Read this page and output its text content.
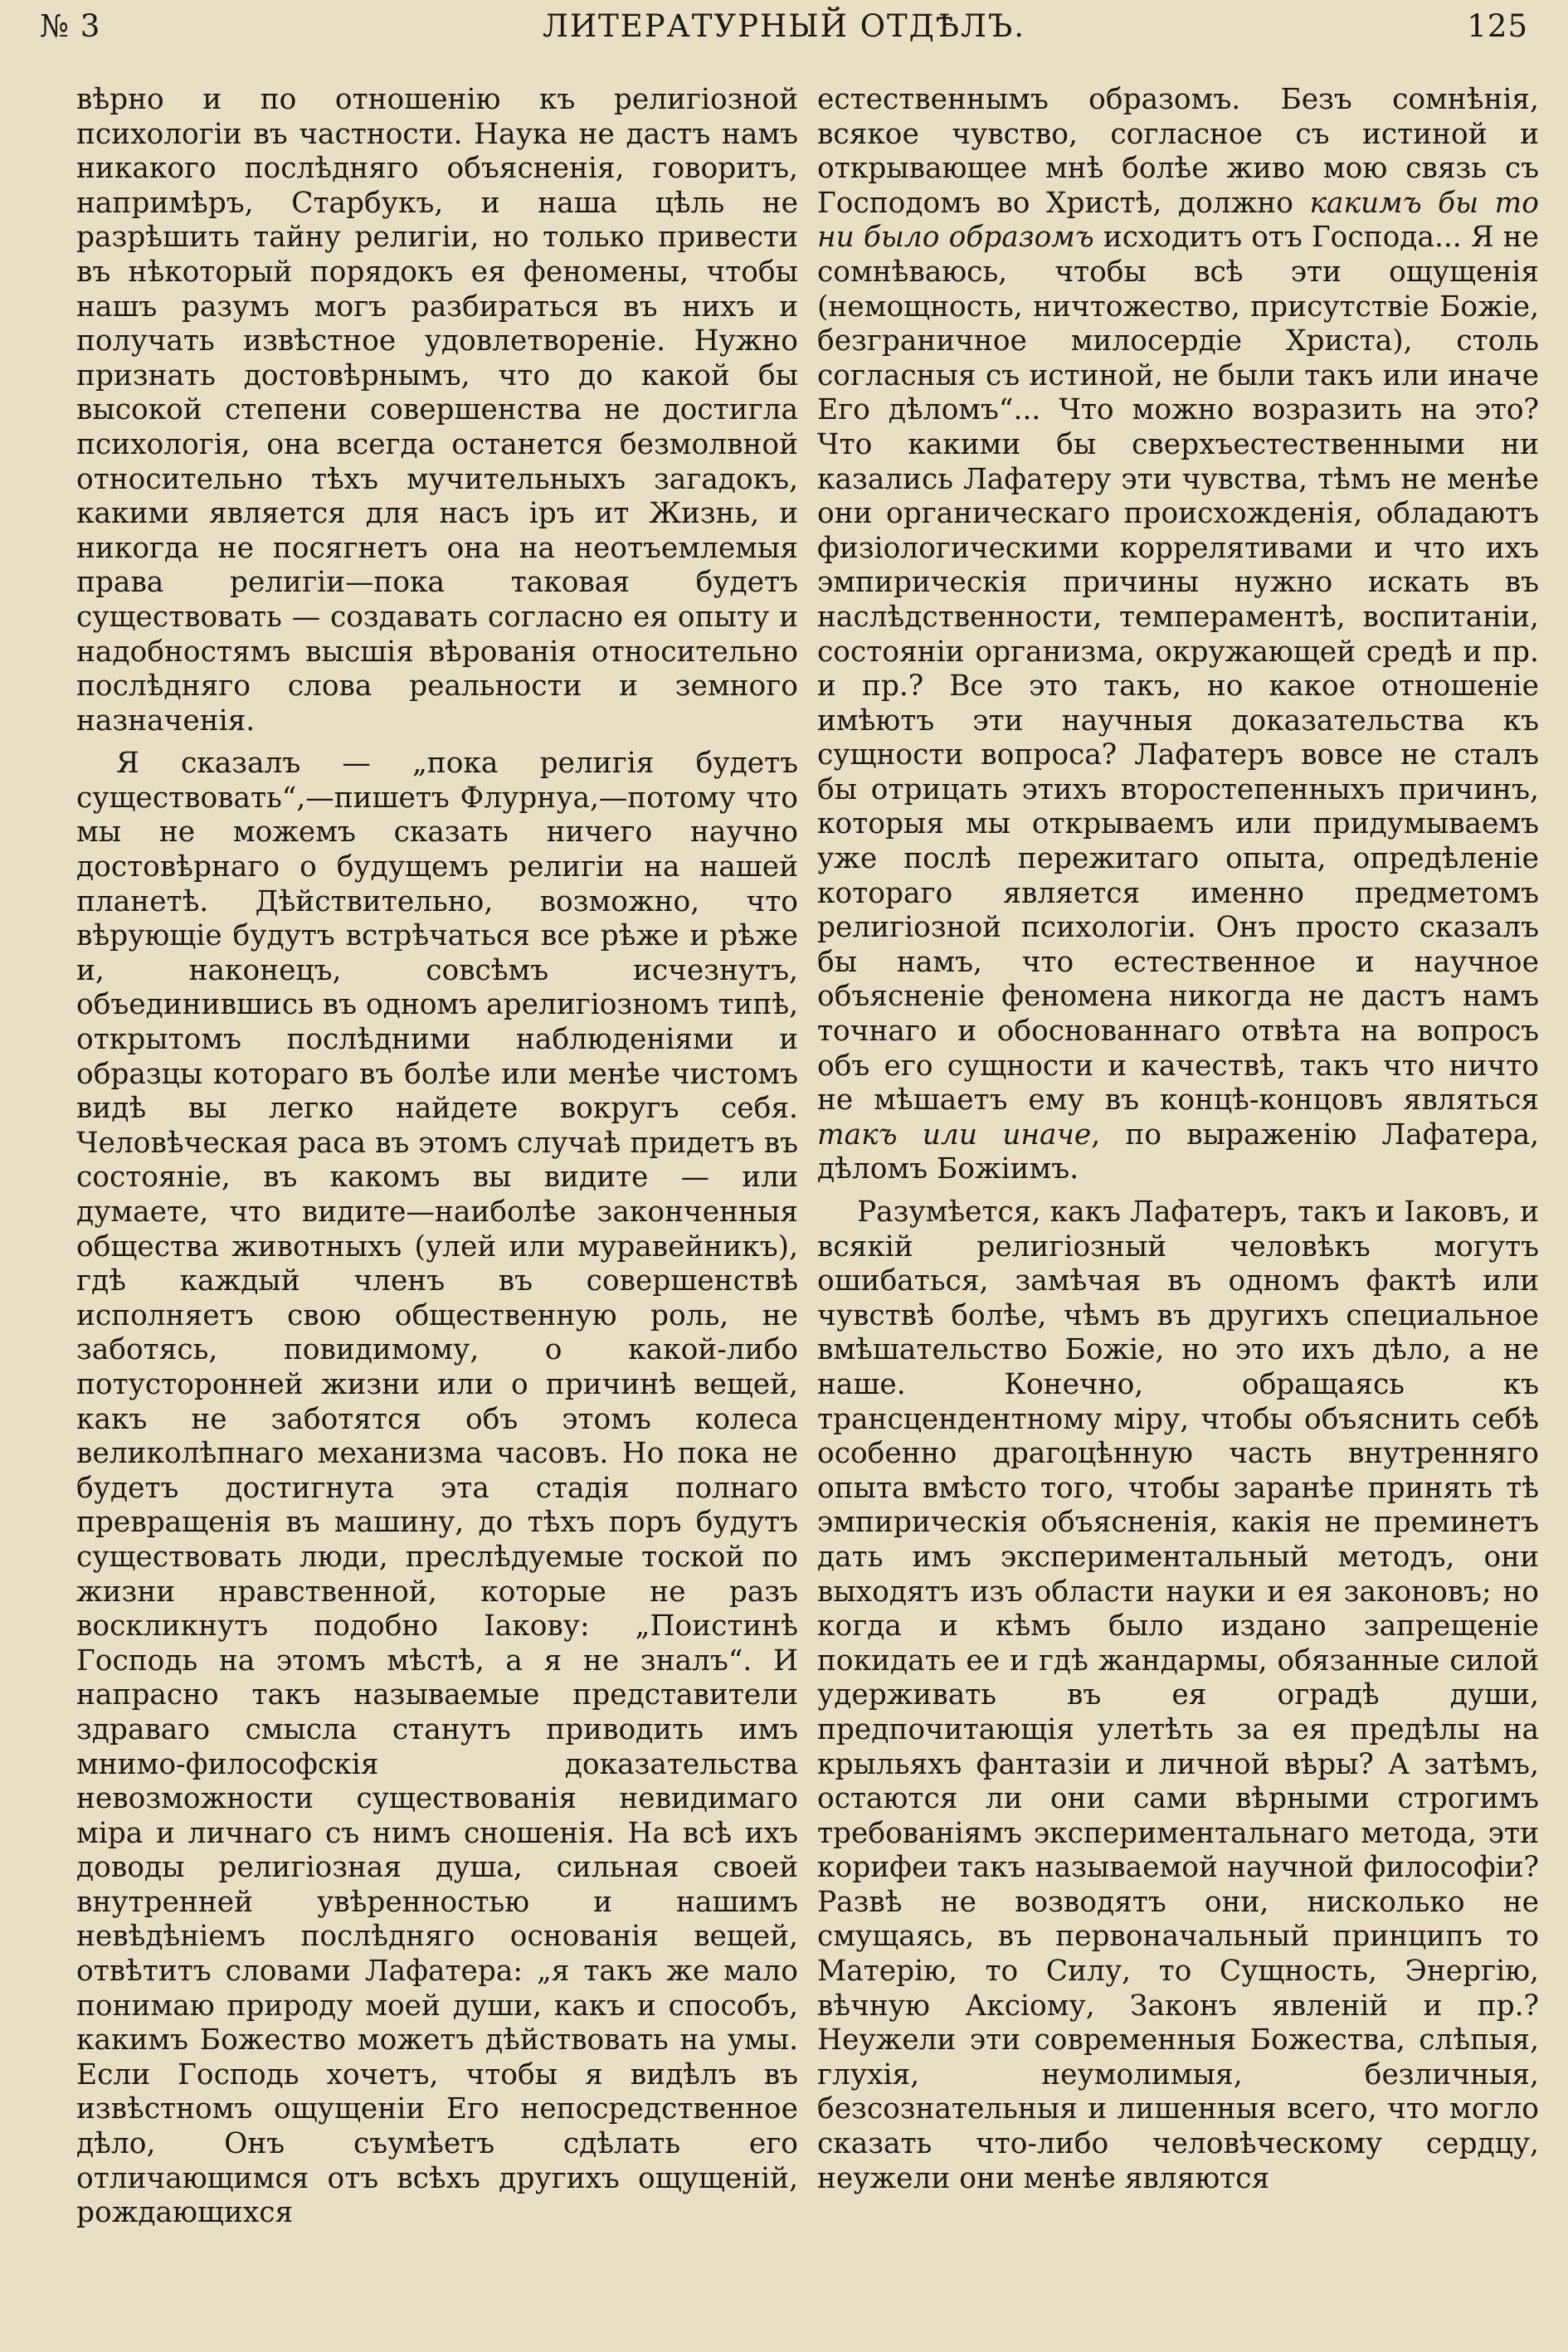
№ 3	ЛИТЕРАТУРНЫЙ ОТДѢЛЪ.	125

вѣрно и по отношенію къ религіозной психологіи въ частности. Наука не дастъ намъ никакого послѣдняго объясненія, говоритъ, напримѣръ, Старбукъ, и наша цѣль не разрѣшить тайну религіи, но только привести въ нѣкоторый порядокъ ея феномены, чтобы нашъ разумъ могъ разбираться въ нихъ и получать извѣстное удовлетвореніе. Нужно признать достовѣрнымъ, что до какой бы высокой степени совершенства не достигла психологія, она всегда останется безмолвной относительно тѣхъ мучительныхъ загадокъ, какими является для насъ іръ ит Жизнь, и никогда не посягнетъ она на неотъемлемыя права религіи—пока таковая будетъ существовать — создавать согласно ея опыту и надобностямъ высшія вѣрованія относительно послѣдняго слова реальности и земного назначенія.

Я сказалъ — „пока религія будетъ существовать“,—пишетъ Флурнуа,—потому что мы не можемъ сказать ничего научно достовѣрнаго о будущемъ религіи на нашей планетѣ. Дѣйствительно, возможно, что вѣрующіе будутъ встрѣчаться все рѣже и рѣже и, наконецъ, совсѣмъ исчезнутъ, объединившись въ одномъ арелигіозномъ типѣ, открытомъ послѣдними наблюденіями и образцы котораго въ болѣе или менѣе чистомъ видѣ вы легко найдете вокругъ себя. Человѣческая раса въ этомъ случаѣ придетъ въ состояніе, въ какомъ вы видите — или думаете, что видите—наиболѣе законченныя общества животныхъ (улей или муравейникъ), гдѣ каждый членъ въ совершенствѣ исполняетъ свою общественную роль, не заботясь, повидимому, о какой-либо потусторонней жизни или о причинѣ вещей, какъ не заботятся объ этомъ колеса великолѣпнаго механизма часовъ. Но пока не будетъ достигнута эта стадія полнаго превращенія въ машину, до тѣхъ поръ будутъ существовать люди, преслѣдуемые тоской по жизни нравственной, которые не разъ воскликнутъ подобно Іакову: „Поистинѣ Господь на этомъ мѣстѣ, а я не зналъ“. И напрасно такъ называемые представители здраваго смысла станутъ приводить имъ мнимо-философскія доказательства невозможности существованія невидимаго міра и личнаго съ нимъ сношенія. На всѣ ихъ доводы религіозная душа, сильная своей внутренней увѣренностью и нашимъ невѣдѣніемъ послѣдняго основанія вещей, отвѣтитъ словами Лафатера: „я такъ же мало понимаю природу моей души, какъ и способъ, какимъ Божество можетъ дѣйствовать на умы. Если Господь хочетъ, чтобы я видѣлъ въ извѣстномъ ощущеніи Его непосредственное дѣло, Онъ съумѣетъ сдѣлать его отличающимся отъ всѣхъ другихъ ощущеній, рождающихся

естественнымъ образомъ. Безъ сомнѣнія, всякое чувство, согласное съ истиной и открывающее мнѣ болѣе живо мою связь съ Господомъ во Христѣ, должно какимъ бы то ни было образомъ исходитъ отъ Господа... Я не сомнѣваюсь, чтобы всѣ эти ощущенія (немощность, ничтожество, присутствіе Божіе, безграничное милосердіе Христа), столь согласныя съ истиной, не были такъ или иначе Его дѣломъ“... Что можно возразить на это? Что какими бы сверхъестественными ни казались Лафатеру эти чувства, тѣмъ не менѣе они органическаго происхожденія, обладаютъ физіологическими коррелятивами и что ихъ эмпирическія причины нужно искать въ наслѣдственности, темпераментѣ, воспитаніи, состояніи организма, окружающей средѣ и пр. и пр.? Все это такъ, но какое отношеніе имѣютъ эти научныя доказательства къ сущности вопроса? Лафатеръ вовсе не сталъ бы отрицать этихъ второстепенныхъ причинъ, которыя мы открываемъ или придумываемъ уже послѣ пережитаго опыта, опредѣленіе котораго является именно предметомъ религіозной психологіи. Онъ просто сказалъ бы намъ, что естественное и научное объясненіе феномена никогда не дастъ намъ точнаго и обоснованнаго отвѣта на вопросъ объ его сущности и качествѣ, такъ что ничто не мѣшаетъ ему въ концѣ-концовъ являться такъ или иначе, по выраженію Лафатера, дѣломъ Божіимъ.

Разумѣется, какъ Лафатеръ, такъ и Іаковъ, и всякій религіозный человѣкъ могутъ ошибаться, замѣчая въ одномъ фактѣ или чувствѣ болѣе, чѣмъ въ другихъ специальное вмѣшательство Божіе, но это ихъ дѣло, а не наше. Конечно, обращаясь къ трансцендентному міру, чтобы объяснить себѣ особенно драгоцѣнную часть внутренняго опыта вмѣсто того, чтобы заранѣе принять тѣ эмпирическія объясненія, какія не преминетъ дать имъ экспериментальный методъ, они выходятъ изъ области науки и ея законовъ; но когда и кѣмъ было издано запрещеніе покидать ее и гдѣ жандармы, обязанные силой удерживать въ ея оградѣ души, предпочитающія улетѣть за ея предѣлы на крыльяхъ фантазіи и личной вѣры? А затѣмъ, остаются ли они сами вѣрными строгимъ требованіямъ экспериментальнаго метода, эти корифеи такъ называемой научной философіи? Развѣ не возводятъ они, нисколько не смущаясь, въ первоначальный принципъ то Матерію, то Силу, то Сущность, Энергію, вѣчную Аксіому, Законъ явленій и пр.? Неужели эти современныя Божества, слѣпыя, глухія, неумолимыя, безличныя, безсознательныя и лишенныя всего, что могло сказать что-либо человѣческому сердцу, неужели они менѣе являются
